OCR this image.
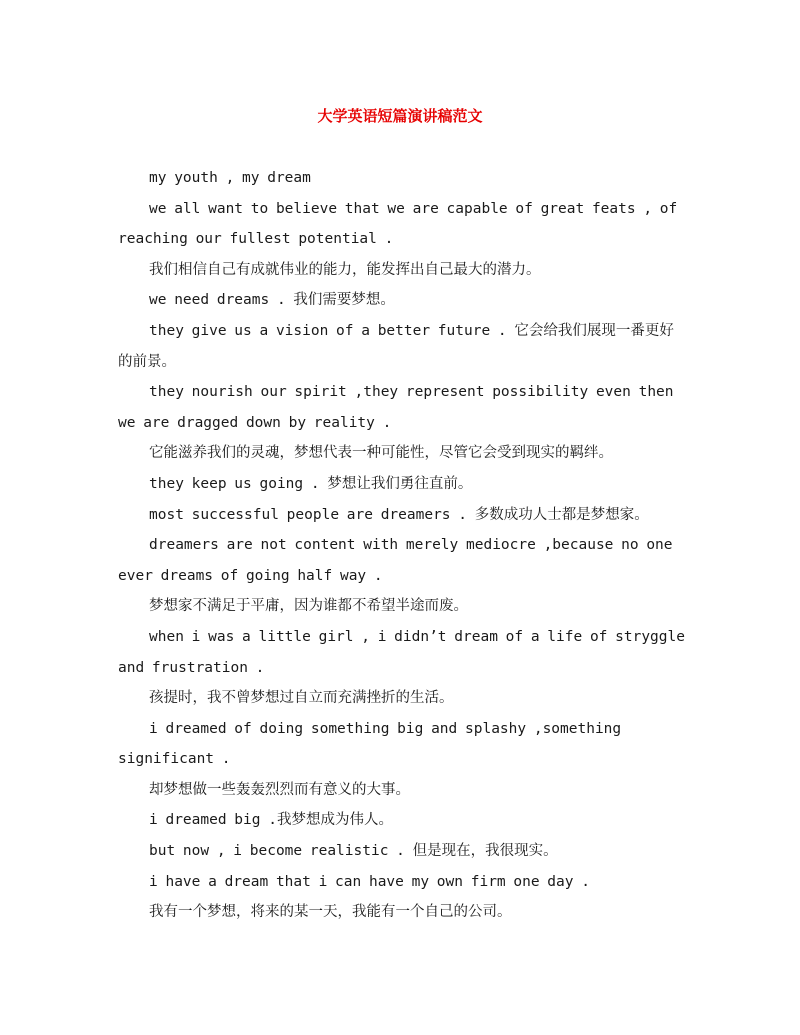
大学英语短篇演讲稿范文

my youth , my dream

we all want to believe that we are capable of great feats , of reaching our fullest potential .

我们相信自己有成就伟业的能力，能发挥出自己最大的潜力。

we need dreams . 我们需要梦想。

they give us a vision of a better future . 它会给我们展现一番更好的前景。

they nourish our spirit ,they represent possibility even then we are dragged down by reality .

它能滋养我们的灵魂，梦想代表一种可能性，尽管它会受到现实的羁绊。

they keep us going . 梦想让我们勇往直前。

most successful people are dreamers . 多数成功人士都是梦想家。

dreamers are not content with merely mediocre ,because no one ever dreams of going half way .

梦想家不满足于平庸，因为谁都不希望半途而废。

when i was a little girl , i didn’t dream of a life of stryggle and frustration .

孩提时，我不曾梦想过自立而充满挫折的生活。

i dreamed of doing something big and splashy ,something significant .

却梦想做一些轰轰烈烈而有意义的大事。

i dreamed big .我梦想成为伟人。

but now , i become realistic . 但是现在，我很现实。

i have a dream that i can have my own firm one day .

我有一个梦想，将来的某一天，我能有一个自己的公司。
